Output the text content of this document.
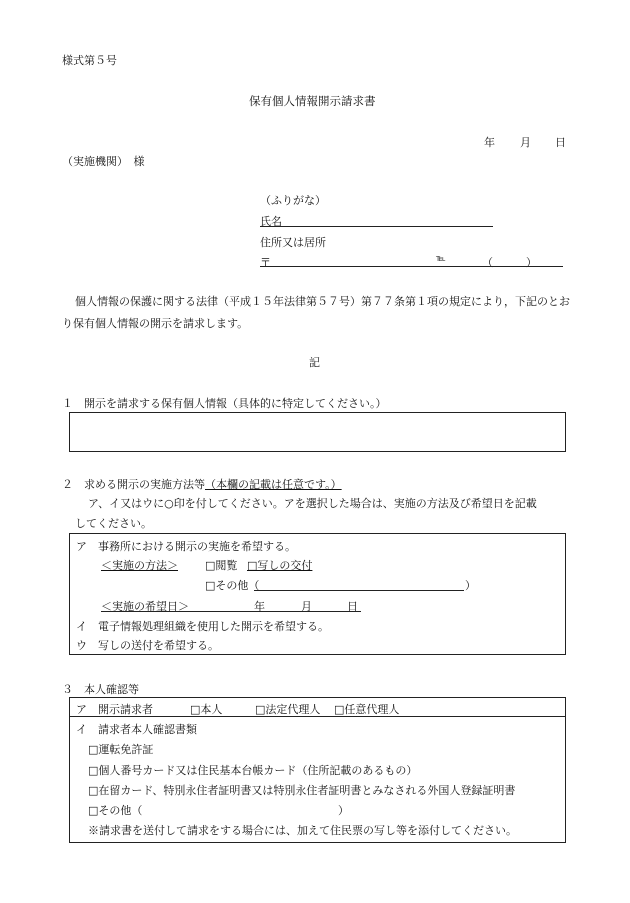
様式第５号
保有個人情報開示請求書
年 月 日
（実施機関）　様
（ふりがな）
氏名
住所又は居所
〒	℡	（　　　）
個人情報の保護に関する法律（平成１５年法律第５７号）第７７条第１項の規定により，下記のとお
り保有個人情報の開示を請求します。
記
１　開示を請求する保有個人情報（具体的に特定してください。）
２　求める開示の実施方法等（本欄の記載は任意です。）
ア、イ又はウに○印を付してください。アを選択した場合は、実施の方法及び希望日を記載
してください。
ア　事務所における開示の実施を希望する。
＜実施の方法＞ □閲覧 □写しの交付
□その他（	）
＜実施の希望日＞	年	月	日
イ　電子情報処理組織を使用した開示を希望する。
ウ　写しの送付を希望する。
３　本人確認等
ア　開示請求者	□本人	□法定代理人 □任意代理人
イ　請求者本人確認書類
□運転免許証
□個人番号カード又は住民基本台帳カード（住所記載のあるもの）
□在留カード、特別永住者証明書又は特別永住者証明書とみなされる外国人登録証明書
□その他（	）
※請求書を送付して請求をする場合には、加えて住民票の写し等を添付してください。
